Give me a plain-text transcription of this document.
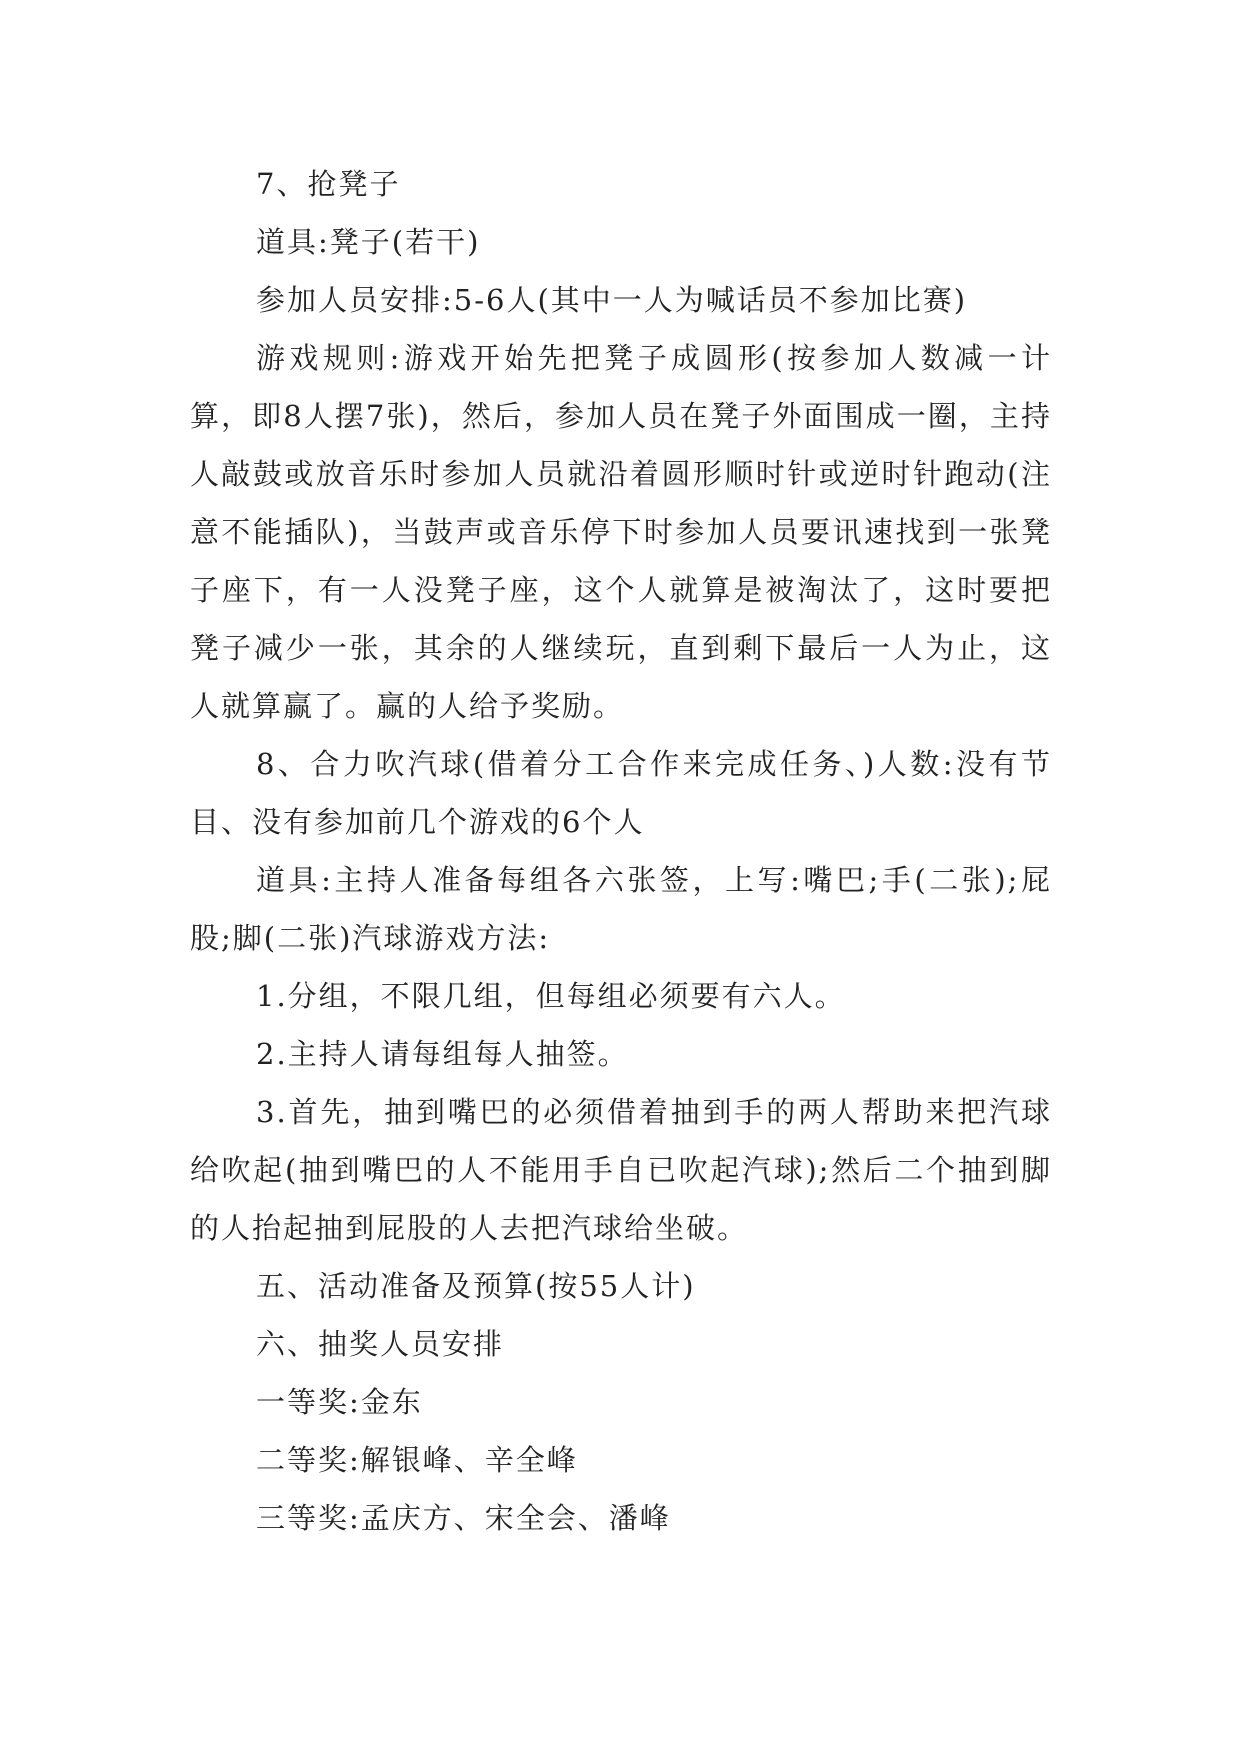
7、抢凳子

道具:凳子(若干)

参加人员安排:5-6人(其中一人为喊话员不参加比赛)

游戏规则:游戏开始先把凳子成圆形(按参加人数减一计算，即8人摆7张)，然后，参加人员在凳子外面围成一圈，主持人敲鼓或放音乐时参加人员就沿着圆形顺时针或逆时针跑动(注意不能插队)，当鼓声或音乐停下时参加人员要讯速找到一张凳子座下，有一人没凳子座，这个人就算是被淘汰了，这时要把凳子减少一张，其余的人继续玩，直到剩下最后一人为止，这人就算赢了。赢的人给予奖励。

8、合力吹汽球(借着分工合作来完成任务、)人数:没有节目、没有参加前几个游戏的6个人

道具:主持人准备每组各六张签，上写:嘴巴;手(二张);屁股;脚(二张)汽球游戏方法:

1.分组，不限几组，但每组必须要有六人。

2.主持人请每组每人抽签。

3.首先，抽到嘴巴的必须借着抽到手的两人帮助来把汽球给吹起(抽到嘴巴的人不能用手自已吹起汽球);然后二个抽到脚的人抬起抽到屁股的人去把汽球给坐破。

五、活动准备及预算(按55人计)

六、抽奖人员安排

一等奖:金东

二等奖:解银峰、辛全峰

三等奖:孟庆方、宋全会、潘峰
